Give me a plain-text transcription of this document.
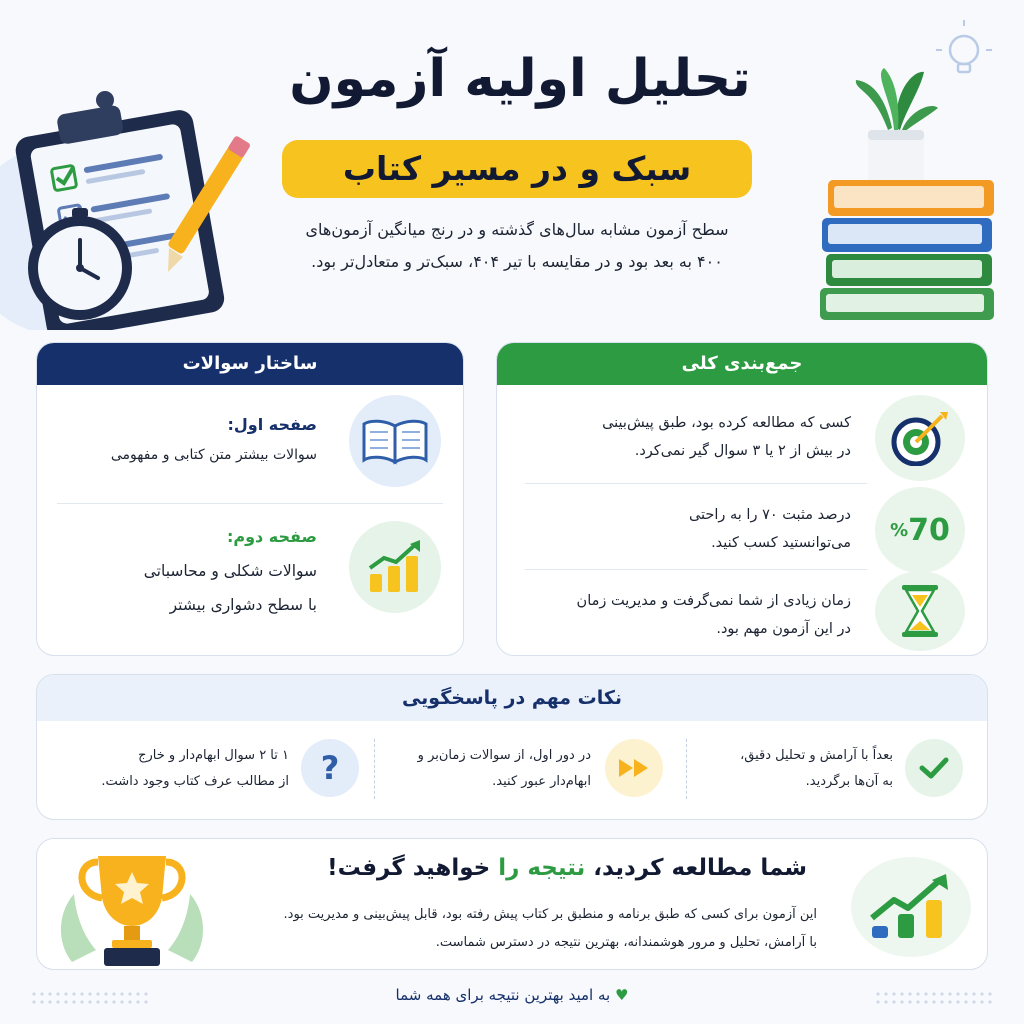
تحلیل اولیه آزمون
سبک و در مسیر کتاب
سطح آزمون مشابه سال‌های گذشته و در رنج میانگین آزمون‌های
۴۰۰ به بعد بود و در مقایسه با تیر ۴۰۴، سبک‌تر و متعادل‌تر بود.
ساختار سوالات
صفحه اول:
سوالات بیشتر متن کتابی و مفهومی
صفحه دوم:
سوالات شکلی و محاسباتی
با سطح دشواری بیشتر
جمع‌بندی کلی
کسی که مطالعه کرده بود، طبق پیش‌بینی
در بیش از ۲ یا ۳ سوال گیر نمی‌کرد.
70
%
درصد مثبت ۷۰ را به راحتی
می‌توانستید کسب کنید.
زمان زیادی از شما نمی‌گرفت و مدیریت زمان
در این آزمون مهم بود.
نکات مهم در پاسخگویی
بعداً با آرامش و تحلیل دقیق،
به آن‌ها برگردید.
در دور اول، از سوالات زمان‌بر و
ابهام‌دار عبور کنید.
?
۱ تا ۲ سوال ابهام‌دار و خارج
از مطالب عرف کتاب وجود داشت.
شما مطالعه کردید، نتیجه را خواهید گرفت!
این آزمون برای کسی که طبق برنامه و منطبق بر کتاب پیش رفته بود، قابل پیش‌بینی و مدیریت بود.
با آرامش، تحلیل و مرور هوشمندانه، بهترین نتیجه در دسترس شماست.
♥ به امید بهترین نتیجه برای همه شما
